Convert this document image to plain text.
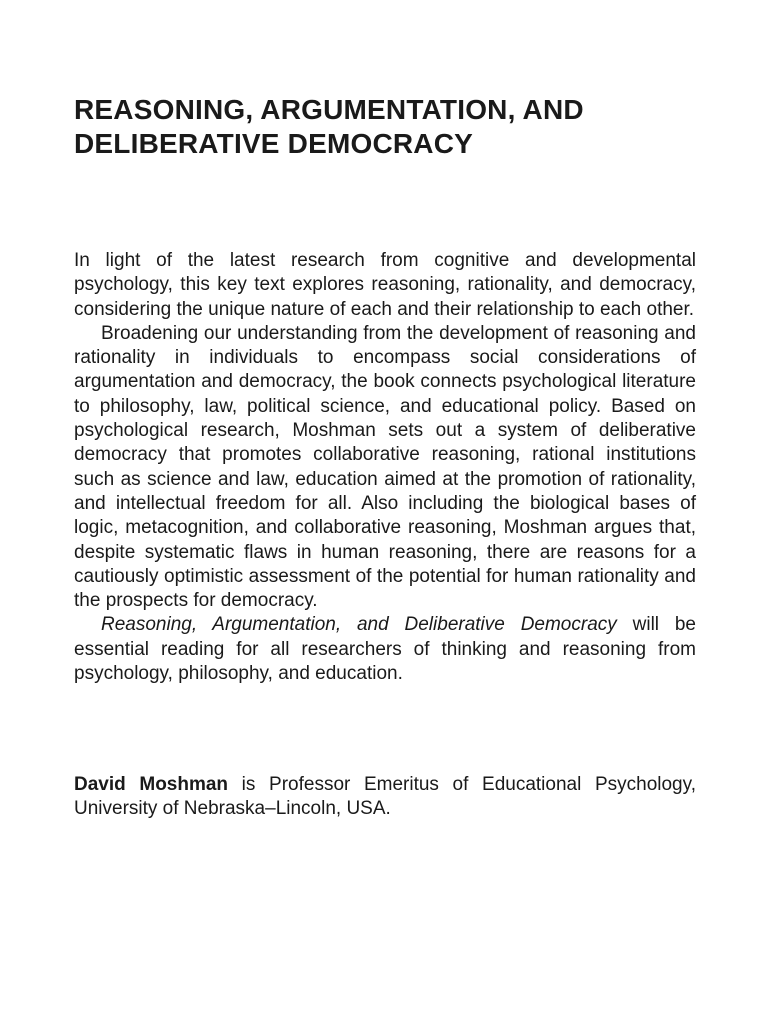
REASONING, ARGUMENTATION, AND
DELIBERATIVE DEMOCRACY

In light of the latest research from cognitive and developmental psychology, this key text explores reasoning, rationality, and democracy, considering the unique nature of each and their relationship to each other.

Broadening our understanding from the development of reasoning and rationality in individuals to encompass social considerations of argumentation and democracy, the book connects psychological literature to philosophy, law, political science, and educational policy. Based on psychological research, Moshman sets out a system of deliberative democracy that promotes collaborative reasoning, rational institutions such as science and law, education aimed at the promotion of rationality, and intellectual freedom for all. Also including the biological bases of logic, metacognition, and collaborative reasoning, Moshman argues that, despite systematic flaws in human reasoning, there are reasons for a cautiously optimistic assessment of the potential for human rationality and the prospects for democracy.

Reasoning, Argumentation, and Deliberative Democracy will be essential reading for all researchers of thinking and reasoning from psychology, philosophy, and education.

David Moshman is Professor Emeritus of Educational Psychology, University of Nebraska–Lincoln, USA.
